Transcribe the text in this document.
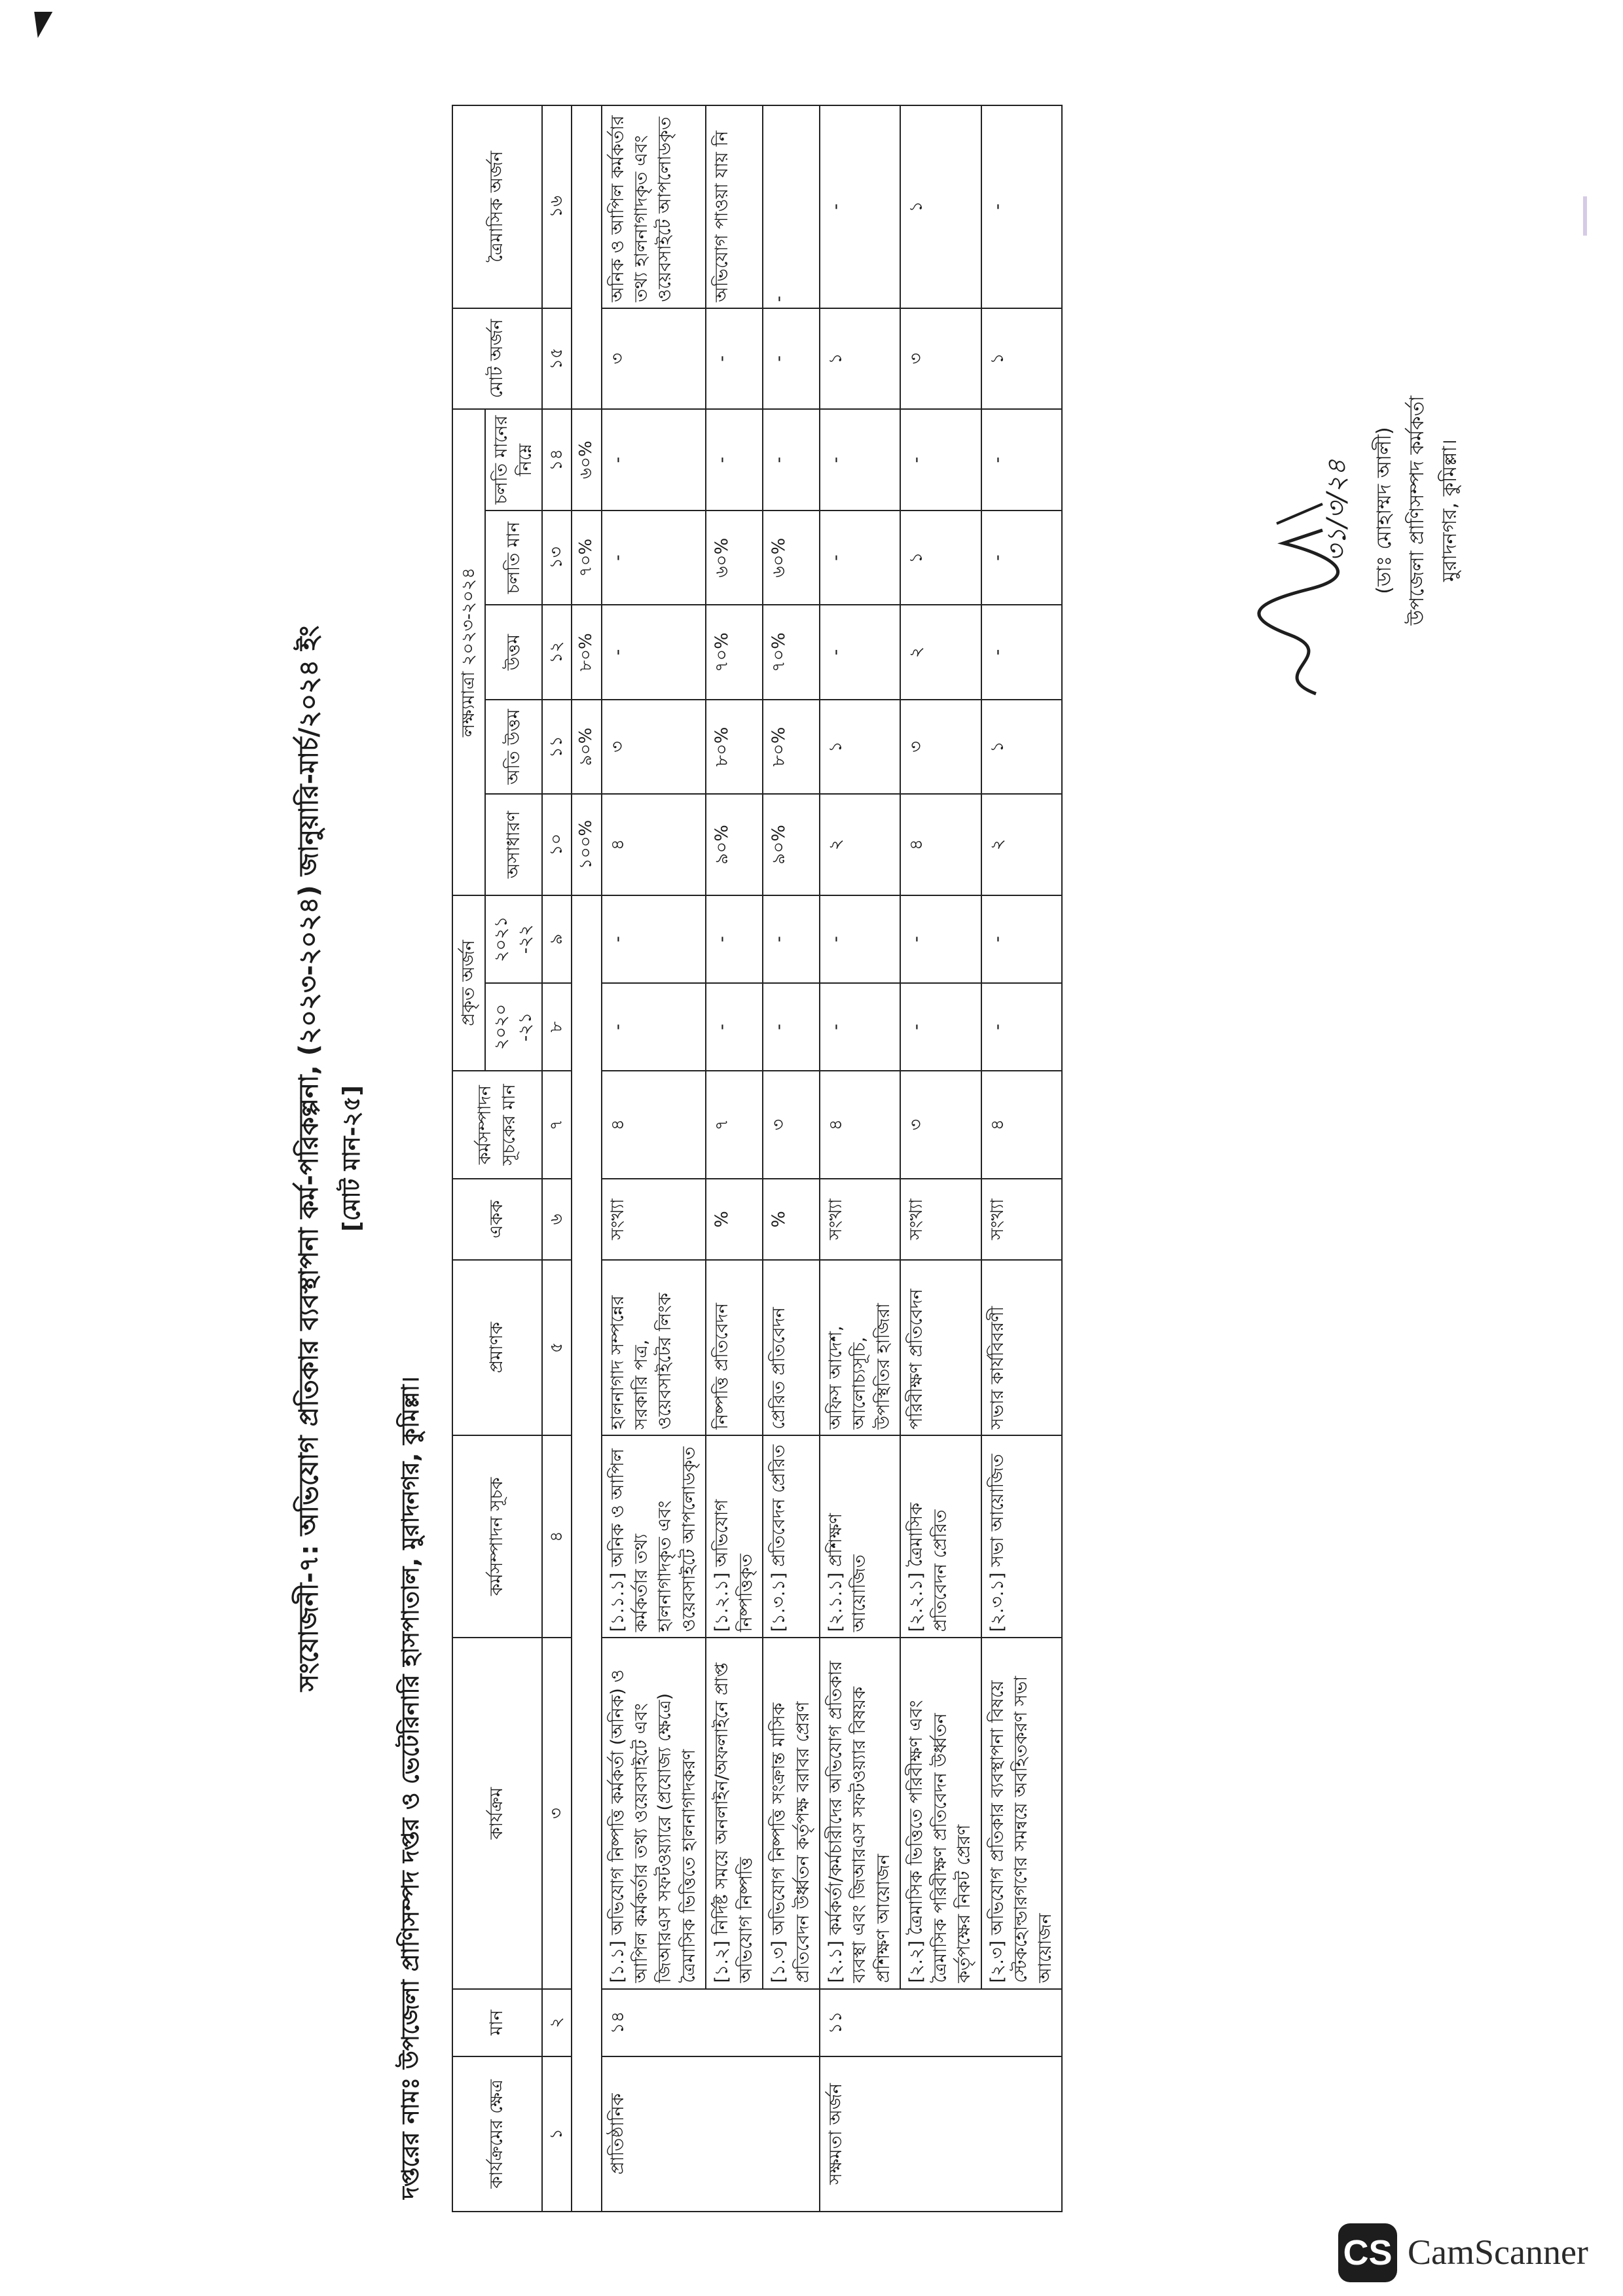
সংযোজনী-৭: অভিযোগ প্রতিকার ব্যবস্থাপনা কর্ম-পরিকল্পনা, (২০২৩-২০২৪) জানুয়ারি-মার্চ/২০২৪ ইং [মোট মান-২৫]
দপ্তরের নামঃ উপজেলা প্রাণিসম্পদ দপ্তর ও ভেটেরিনারি হাসপাতাল, মুরাদনগর, কুমিল্লা।	কার্যক্রমের ক্ষেত্র	মান	কার্যক্রম	কর্মসম্পাদন সূচক	প্রমাণক	একক	কর্মসম্পাদন সূচকের মান	প্রকৃত অর্জন		লক্ষ্যমাত্রা ২০২৩-২০২৪					মোট অর্জন	ত্রৈমাসিক অর্জন
							২০২০ -২১	২০২১ -২২	অসাধারণ	অতি উত্তম	উত্তম	চলতি মান	চলতি মানের নিম্নে		
১	২	৩	৪	৫	৬	৭	৮	৯	১০	১১	১২	১৩	১৪	১৫	১৬
									১০০%	৯০%	৮০%	৭০%	৬০%		
প্রাতিষ্ঠানিক	১৪	[১.১] অভিযোগ নিষ্পত্তি কর্মকর্তা (অনিক) ও আপিল কর্মকর্তার তথ্য ওয়েবসাইটে এবং জিআরএস সফটওয়্যারে (প্রযোজ্য ক্ষেত্রে) ত্রৈমাসিক ভিত্তিতে হালনাগাদকরণ	[১.১.১] অনিক ও আপিল কর্মকর্তার তথ্য হালনাগাদকৃত এবং ওয়েবসাইটে আপলোডকৃত	হালনাগাদ সম্পন্নের সরকারি পত্র, ওয়েবসাইটের লিংক	সংখ্যা	৪	-	-	৪	৩	-	-	-	৩	অনিক ও আপিল কর্মকর্তার তথ্য হালনাগাদকৃত এবং ওয়েবসাইটে আপলোডকৃত
		[১.২] নির্দিষ্ট সময়ে অনলাইন/অফলাইনে প্রাপ্ত অভিযোগ নিষ্পত্তি	[১.২.১] অভিযোগ নিষ্পত্তিকৃত	নিষ্পত্তি প্রতিবেদন	%	৭	-	-	৯০%	৮০%	৭০%	৬০%	-	-	অভিযোগ পাওয়া যায় নি
		[১.৩] অভিযোগ নিষ্পত্তি সংক্রান্ত মাসিক প্রতিবেদন উর্ধ্বতন কর্তৃপক্ষ বরাবর প্রেরণ	[১.৩.১] প্রতিবেদন প্রেরিত	প্রেরিত প্রতিবেদন	%	৩	-	-	৯০%	৮০%	৭০%	৬০%	-	-	-
সক্ষমতা অর্জন	১১	[২.১] কর্মকর্তা/কর্মচারীদের অভিযোগ প্রতিকার ব্যবস্থা এবং জিআরএস সফটওয়্যার বিষয়ক প্রশিক্ষণ আয়োজন	[২.১.১] প্রশিক্ষণ আয়োজিত	অফিস আদেশ, আলোচ্যসূচি, উপস্থিতির হাজিরা	সংখ্যা	৪	-	-	২	১	-	-	-	১	-
		[২.২] ত্রৈমাসিক ভিত্তিতে পরিবীক্ষণ এবং ত্রৈমাসিক পরিবীক্ষণ প্রতিবেদন উর্ধ্বতন কর্তৃপক্ষের নিকট প্রেরণ	[২.২.১] ত্রৈমাসিক প্রতিবেদন প্রেরিত	পরিবীক্ষণ প্রতিবেদন	সংখ্যা	৩	-	-	৪	৩	২	১	-	৩	১
		[২.৩] অভিযোগ প্রতিকার ব্যবস্থাপনা বিষয়ে স্টেকহোল্ডারগণের সমন্বয়ে অবহিতকরণ সভা আয়োজন	[২.৩.১] সভা আয়োজিত	সভার কার্যবিবরণী	সংখ্যা	৪	-	-	২	১	-	-	-	১	-
৩১/৩/২৪	(ডাঃ মোহাম্মদ আলী) উপজেলা প্রাণিসম্পদ কর্মকর্তা মুরাদনগর, কুমিল্লা।
CS CamScanner
